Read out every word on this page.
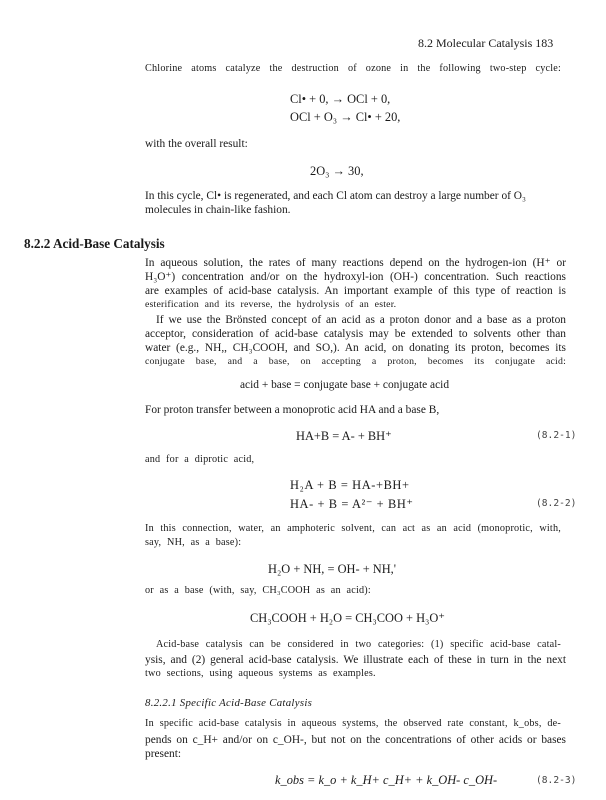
8.2 Molecular Catalysis 183
Chlorine atoms catalyze the destruction of ozone in the following two-step cycle:
Cl• + 0, → OCl + 0,
OCl + O₃ → Cl• + 20,
with the overall result:
2O₃ → 30,
In this cycle, Cl• is regenerated, and each Cl atom can destroy a large number of O₃
molecules in chain-like fashion.
8.2.2 Acid-Base Catalysis
In aqueous solution, the rates of many reactions depend on the hydrogen-ion (H⁺ or
H₃O⁺) concentration and/or on the hydroxyl-ion (OH-) concentration. Such reactions
are examples of acid-base catalysis. An important example of this type of reaction is
esterification and its reverse, the hydrolysis of an ester.
If we use the Brönsted concept of an acid as a proton donor and a base as a proton
acceptor, consideration of acid-base catalysis may be extended to solvents other than
water (e.g., NH,, CH₃COOH, and SO,). An acid, on donating its proton, becomes its
conjugate base, and a base, on accepting a proton, becomes its conjugate acid:
acid + base = conjugate base + conjugate acid
For proton transfer between a monoprotic acid HA and a base B,
HA+B = A- + BH⁺	(8.2-1)
and for a diprotic acid,
H₂A + B = HA-+BH+
HA- + B = A²⁻ + BH⁺	(8.2-2)
In this connection, water, an amphoteric solvent, can act as an acid (monoprotic, with,
say, NH, as a base):
H₂O + NH, = OH- + NH,'
or as a base (with, say, CH₃COOH as an acid):
CH₃COOH + H₂O = CH₃COO + H₃O⁺
Acid-base catalysis can be considered in two categories: (1) specific acid-base catal-
ysis, and (2) general acid-base catalysis. We illustrate each of these in turn in the next
two sections, using aqueous systems as examples.
8.2.2.1 Specific Acid-Base Catalysis
In specific acid-base catalysis in aqueous systems, the observed rate constant, k_obs, de-
pends on c_H+ and/or on c_OH-, but not on the concentrations of other acids or bases
present:
k_obs = k_o + k_H+ c_H+ + k_OH- c_OH-	(8.2-3)
